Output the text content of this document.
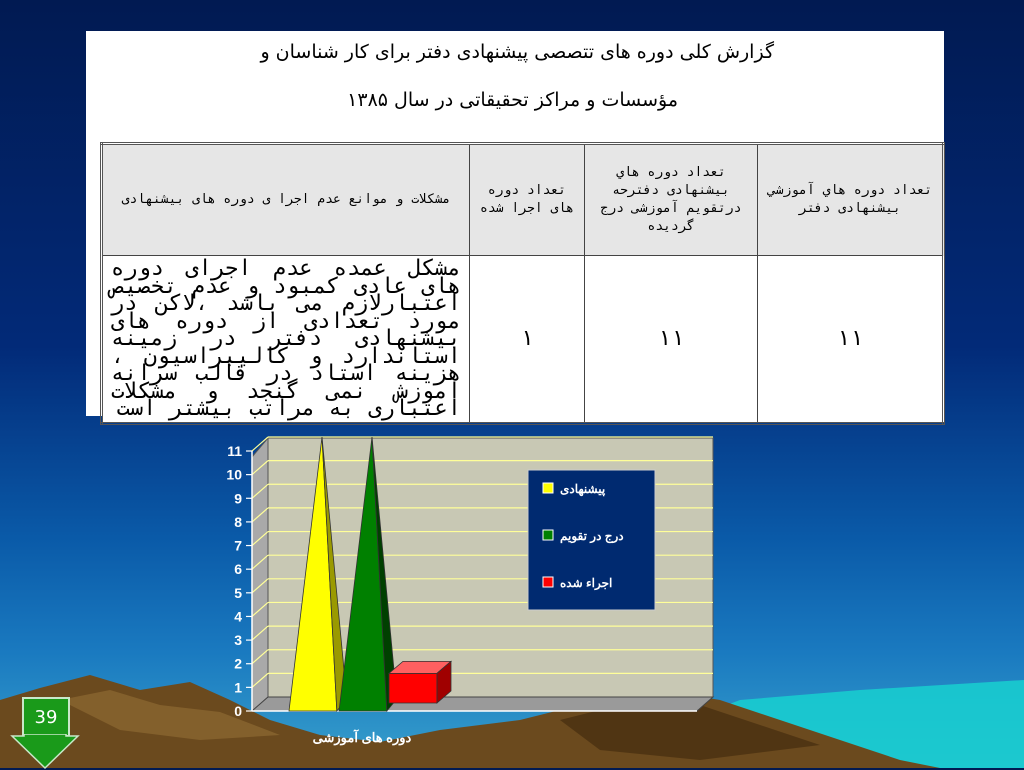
گزارش کلی دوره های تتصصی پیشنهادی دفتر برای کار شناسان و
مؤسسات و مراکز تحقیقاتی در سال ۱۳۸۵
تعداد دوره هاي آموزشي بيشنهادى دفتر	تعداد دوره هاي بيشنهادى دفترحه درتقويم آموزشى درج گرديده	تعداد دوره هاى اجرا شده	مشكلات و موانع عدم اجرا ى دوره هاى بيشنهادى
١١	١١	١	مشكل عمده عدم اجراى دوره هاى عادى كمبود و عدم تخصيص اعتبارلازم مى باشد ،لاكن در مورد تعدادى از دوره هاى بيشنهادى دفتر در زمينه استاندارد و كاليبراسيون ، هزينه استاد در قالب سرانه آموزش نمى گنجد و مشكلات اعتبارى به مراتب بيشتر است
0
1
2
3
4
5
6
7
8
9
10
11
دوره های آموزشی
پيشنهادی
درج در تقويم
اجراء شده
39
